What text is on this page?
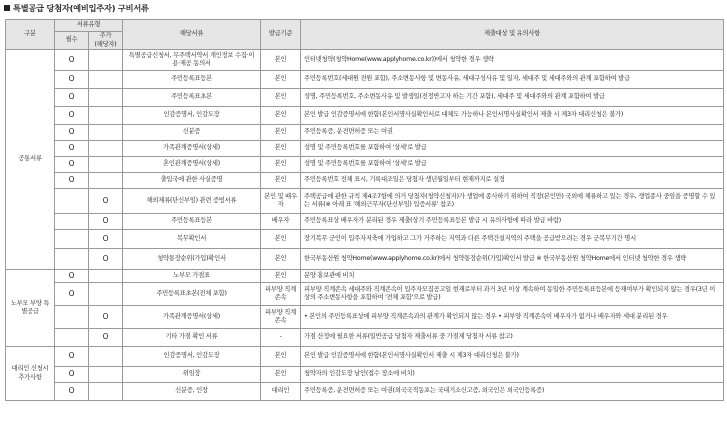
특별공급 당첨자(예비입주자) 구비서류
구분	서류유형		해당서류	발급기준	제출대상 및 유의사항
	필수	추가
(해당자)			
공통서류	O		특별공급신청서, 무주택서약서 개인정보 수집·이용·제공 동의서	본인	인터넷청약(청약Home(www.applyhome.co.kr))에서 청약한 경우 생략
	O		주민등록표등본	본인	주민등록번호(세대원 전원 포함), 주소변동사항 및 변동사유, 세대구성사유 및 일자, 세대주 및 세대주와의 관계 포함하여 발급
	O		주민등록표초본	본인	성명, 주민등록번호, 주소변동사유 및 발생일(전정반고자 하는 기간 포함), 세대주 및 세대주와의 관계 포함하여 발급
	O		인감증명서, 인감도장	본인	본인 발급 인감증명서에 한함(본인서명사실확인서로 대체도 가능하나 본인서명사실확인서 제출 시 제3자 대리신청은 불가)
	O		신분증	본인	주민등록증, 운전면허증 또는 여권
	O		가족관계증명서(상세)	본인	성명 및 주민등록번호를 포함하여 '상세'로 발급
	O		혼인관계증명서(상세)	본인	성명 및 주민등록번호를 포함하여 '상세'로 발급
	O		출입국에 관한 사실증명	본인	주민등록번호 전체 표시, 기록대조일은 당첨자 생년월일부터 현재까지로 설정
		O	해외체류(단신부임) 관련 증빙서류	본인 및 배우자	주택공급에 관한 규칙 제4조7항에 의거 당첨자(청약신청자)가 생업에 종사하기 위하여 직장(본인만) 국외에 체류하고 있는 경우, 생업종사 중임을 증명할 수 있는 서류(※ 아래 표 '해외근무자(단신부임) 입증서류' 참조)
		O	주민등록표등본	배우자	주민등록표상 배우자가 분리된 경우 제출(상기 주민등록표등본 발급 시 유의사항에 따라 발급 바람)
		O	복무확인서	본인	장기복무 군인이 입주자저축에 가입하고 그가 거주하는 지역과 다른 주택건설지역의 주택을 공급받으려는 경우 군복무기간 명시
		O	청약통장순위(가입)확인서	본인	한국부동산원 청약Home(www.applyhome.co.kr)에서 청약통장순위(가입)확인서 발급 ※ 한국부동산원 청약Home에서 인터넷 청약한 경우 생략
노부모 부양 특별공급	O		노부모 가점표	본인	분양 홍보관에 비치
	O		주민등록표초본(전체 포함)	피부양 직계존속	피부양 직계존속 세대주와 직계존속이 입주자모집공고일 현재로부터 과거 3년 이상 계속하여 동일한 주민등록표등본에 등재여부가 확인되지 않는 경우(3년 이상의 주소변동사항을 포함하여 '전체 포함'으로 발급)
		O	가족관계증명서(상세)	피부양 직계존속	• 본인의 주민등록표상에 피부양 직계존속과의 관계가 확인되지 않는 경우 • 피부양 직계존속이 배우자가 없거나 배우자와 세대 분리된 경우
		O	기타 가점 확인 서류	-	가점 산정에 필요한 서류(일반공급 당첨자 제출서류 중 가점제 당첨자 서류 참고)
대리인 신청시 추가사항	O		인감증명서, 인감도장	본인	본인 발급 인감증명서에 한함(본인서명사실확인서 제출 시 제3자 대리신청은 불가)
	O		위임장	본인	청약자의 인감도장 날인(접수 장소에 비치)
	O		신분증, 인장	대리인	주민등록증, 운전면허증 또는 여권(외국국적동포는 국내거소신고증, 외국인은 외국인등록증)
